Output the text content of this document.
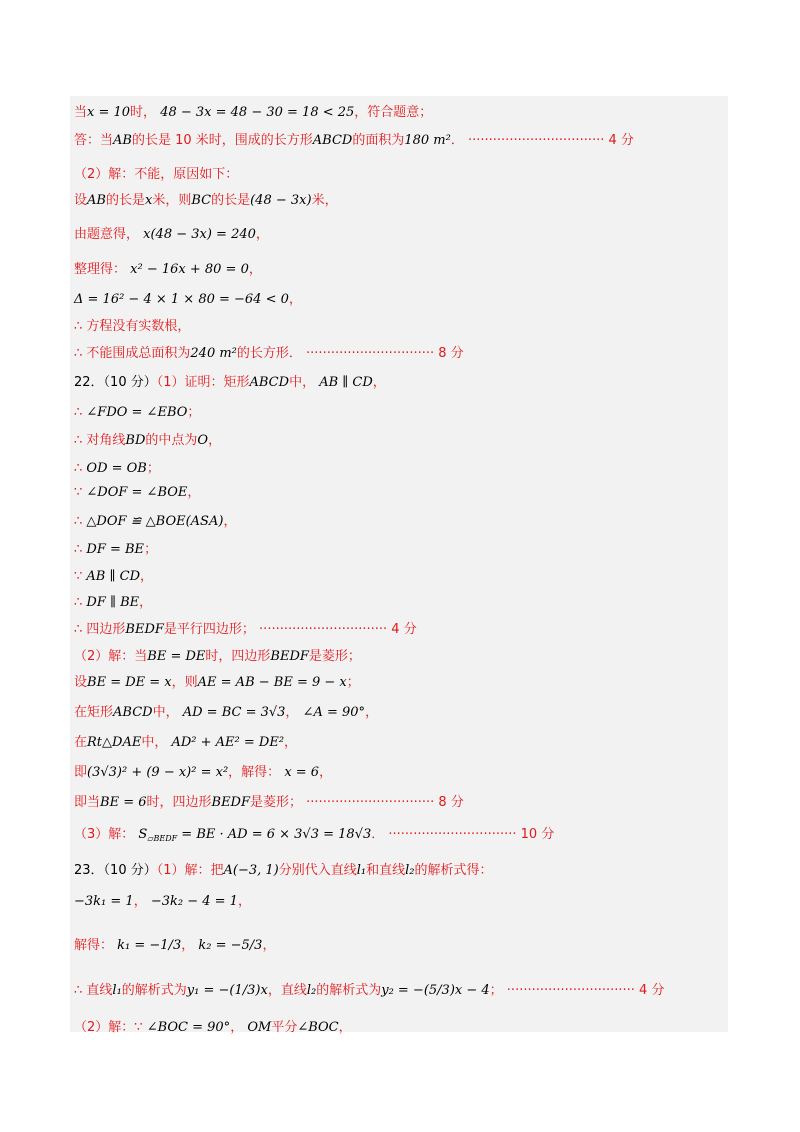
当x = 10时， 48 − 3x = 48 − 30 = 18 < 25，符合题意；
答：当AB的长是 10 米时，围成的长方形ABCD的面积为180 m²． ································· 4 分
（2）解：不能，原因如下：
设AB的长是x米，则BC的长是(48 − 3x)米，
由题意得， x(48 − 3x) = 240，
整理得： x² − 16x + 80 = 0，
Δ = 16² − 4 × 1 × 80 = −64 < 0，
∴ 方程没有实数根，
∴ 不能围成总面积为240 m²的长方形． ······························· 8 分
22．（10 分）（1）证明：矩形ABCD中， AB ∥ CD，
∴ ∠FDO = ∠EBO；
∴ 对角线BD的中点为O，
∴ OD = OB；
∵ ∠DOF = ∠BOE，
∴ △DOF ≌ △BOE(ASA)，
∴ DF = BE；
∵ AB ∥ CD，
∴ DF ∥ BE，
∴ 四边形BEDF是平行四边形； ······························· 4 分
（2）解：当BE = DE时，四边形BEDF是菱形；
设BE = DE = x，则AE = AB − BE = 9 − x；
在矩形ABCD中， AD = BC = 3√3， ∠A = 90°，
在Rt△DAE中， AD² + AE² = DE²，
即(3√3)² + (9 − x)² = x²，解得： x = 6，
即当BE = 6时，四边形BEDF是菱形； ······························· 8 分
（3）解： $S_{▱BEDF}$ = BE · AD = 6 × 3√3 = 18√3． ······························· 10 分
23．（10 分）（1）解：把A(−3, 1)分别代入直线l₁和直线l₂的解析式得：
−3k₁ = 1， −3k₂ − 4 = 1，
解得： k₁ = −1/3， k₂ = −5/3，
∴ 直线l₁的解析式为y₁ = −(1/3)x，直线l₂的解析式为y₂ = −(5/3)x − 4； ······························· 4 分
（2）解：∵ ∠BOC = 90°， OM平分∠BOC，
